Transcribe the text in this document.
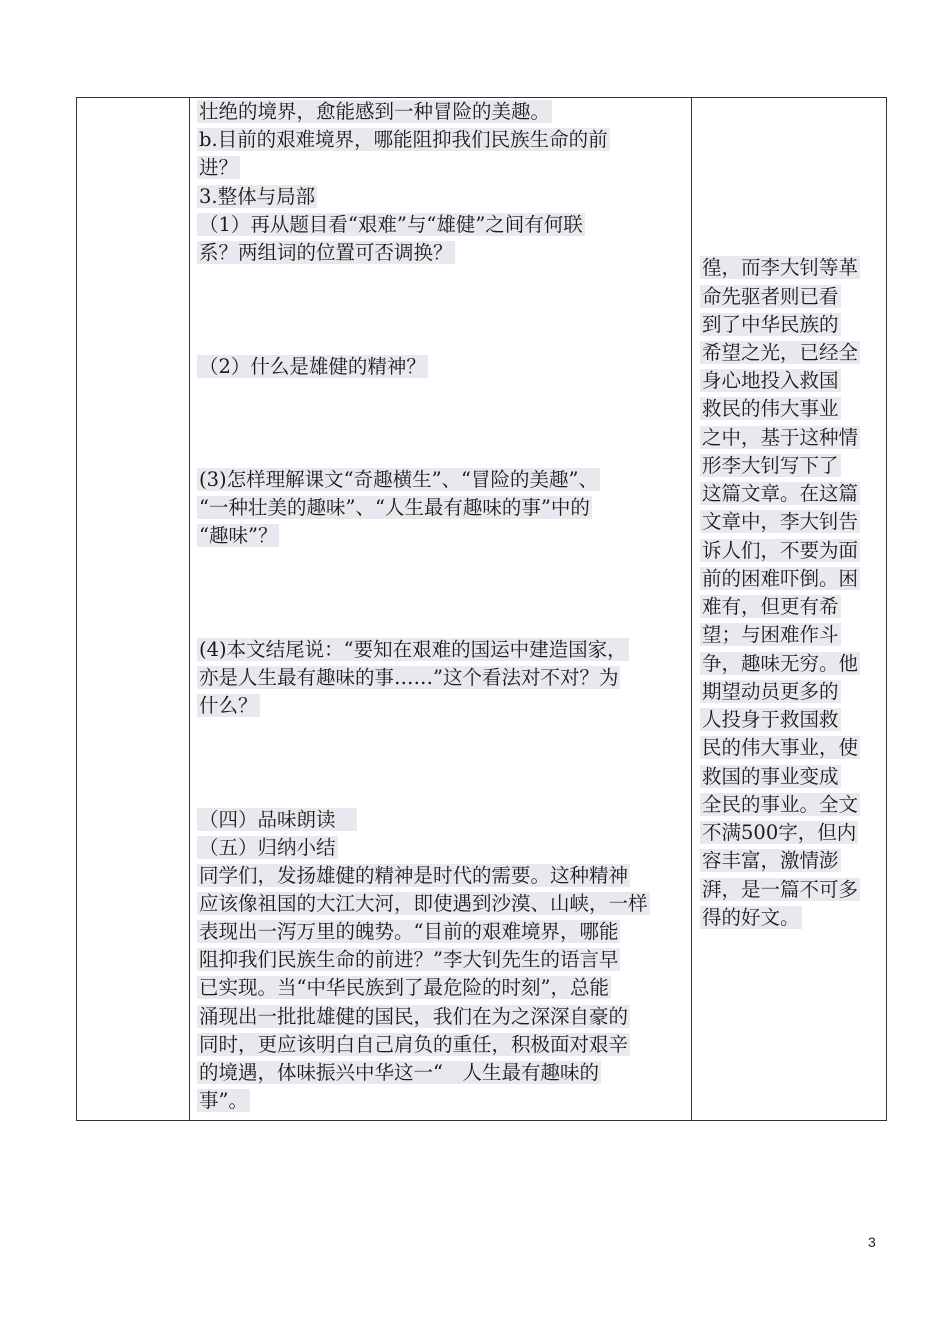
壮绝的境界，愈能感到一种冒险的美趣。
b.目前的艰难境界，哪能阻抑我们民族生命的前
进？
3.整体与局部
（1）再从题目看“艰难”与“雄健”之间有何联
系？两组词的位置可否调换？
（2）什么是雄健的精神？
(3)怎样理解课文“奇趣横生”、“冒险的美趣”、
“一种壮美的趣味”、“人生最有趣味的事”中的
“趣味”？
(4)本文结尾说：“要知在艰难的国运中建造国家，
亦是人生最有趣味的事……”这个看法对不对？为
什么？
（四）品味朗读　
（五）归纳小结
同学们，发扬雄健的精神是时代的需要。这种精神
应该像祖国的大江大河，即使遇到沙漠、山峡，一样
表现出一泻万里的魄势。“目前的艰难境界，哪能
阻抑我们民族生命的前进？”李大钊先生的语言早
已实现。当“中华民族到了最危险的时刻”，总能
涌现出一批批雄健的国民，我们在为之深深自豪的
同时，更应该明白自己肩负的重任，积极面对艰辛
的境遇，体味振兴中华这一“　人生最有趣味的
事”。
徨，而李大钊等革
命先驱者则已看
到了中华民族的
希望之光，已经全
身心地投入救国
救民的伟大事业
之中，基于这种情
形李大钊写下了
这篇文章。在这篇
文章中，李大钊告
诉人们，不要为面
前的困难吓倒。困
难有，但更有希
望；与困难作斗
争，趣味无穷。他
期望动员更多的
人投身于救国救
民的伟大事业，使
救国的事业变成
全民的事业。全文
不满500字，但内
容丰富，激情澎
湃，是一篇不可多
得的好文。
3
